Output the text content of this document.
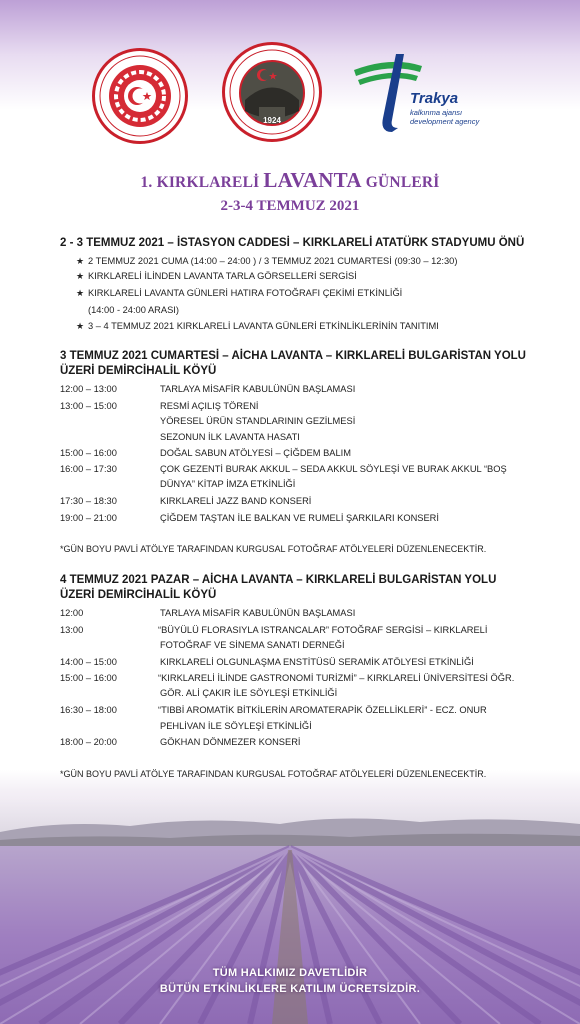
1924
Trakya
kalkınma ajansı
development agency
1. KIRKLARELİ LAVANTA GÜNLERİ
2-3-4 TEMMUZ 2021
2 - 3 TEMMUZ 2021 – İSTASYON CADDESİ – KIRKLARELİ ATATÜRK STADYUMU ÖNÜ
★ 2 TEMMUZ 2021 CUMA (14:00 – 24:00 ) / 3 TEMMUZ 2021 CUMARTESİ (09:30 – 12:30)
★ KIRKLARELİ İLİNDEN LAVANTA TARLA GÖRSELLERİ SERGİSİ
★ KIRKLARELİ LAVANTA GÜNLERİ HATIRA FOTOĞRAFI ÇEKİMİ ETKİNLİĞİ
(14:00 - 24:00 ARASI)
★ 3 – 4 TEMMUZ 2021 KIRKLARELİ LAVANTA GÜNLERİ ETKİNLİKLERİNİN TANITIMI
3 TEMMUZ 2021 CUMARTESİ – AİCHA LAVANTA – KIRKLARELİ BULGARİSTAN YOLU
ÜZERİ DEMİRCİHALİL KÖYÜ
12:00 – 13:00	TARLAYA MİSAFİR KABULÜNÜN BAŞLAMASI
13:00 – 15:00	RESMİ AÇILIŞ TÖRENİ
YÖRESEL ÜRÜN STANDLARININ GEZİLMESİ
SEZONUN İLK LAVANTA HASATI
15:00 – 16:00	DOĞAL SABUN ATÖLYESİ – ÇİĞDEM BALIM
16:00 – 17:30	ÇOK GEZENTİ BURAK AKKUL – SEDA AKKUL SÖYLEŞİ VE BURAK AKKUL “BOŞ
DÜNYA” KİTAP İMZA ETKİNLİĞİ
17:30 – 18:30	KIRKLARELİ JAZZ BAND KONSERİ
19:00 – 21:00	ÇİĞDEM TAŞTAN İLE BALKAN VE RUMELİ ŞARKILARI KONSERİ
*GÜN BOYU PAVLİ ATÖLYE TARAFINDAN KURGUSAL FOTOĞRAF ATÖLYELERİ DÜZENLENECEKTİR.
4 TEMMUZ 2021 PAZAR – AİCHA LAVANTA – KIRKLARELİ BULGARİSTAN YOLU
ÜZERİ DEMİRCİHALİL KÖYÜ
12:00	TARLAYA MİSAFİR KABULÜNÜN BAŞLAMASI
13:00	“BÜYÜLÜ FLORASIYLA ISTRANCALAR” FOTOĞRAF SERGİSİ – KIRKLARELİ
FOTOĞRAF VE SİNEMA SANATI DERNEĞİ
14:00 – 15:00	KIRKLARELİ OLGUNLAŞMA ENSTİTÜSÜ SERAMİK ATÖLYESİ ETKİNLİĞİ
15:00 – 16:00	“KIRKLARELİ İLİNDE GASTRONOMİ TURİZMİ” – KIRKLARELİ ÜNİVERSİTESİ ÖĞR.
GÖR. ALİ ÇAKIR İLE SÖYLEŞİ ETKİNLİĞİ
16:30 – 18:00	“TIBBİ AROMATİK BİTKİLERİN AROMATERAPİK ÖZELLİKLERİ” - ECZ. ONUR
PEHLİVAN İLE SÖYLEŞİ ETKİNLİĞİ
18:00 – 20:00	GÖKHAN DÖNMEZER KONSERİ
*GÜN BOYU PAVLİ ATÖLYE TARAFINDAN KURGUSAL FOTOĞRAF ATÖLYELERİ DÜZENLENECEKTİR.
TÜM HALKIMIZ DAVETLİDİR
BÜTÜN ETKİNLİKLERE KATILIM ÜCRETSİZDİR.
